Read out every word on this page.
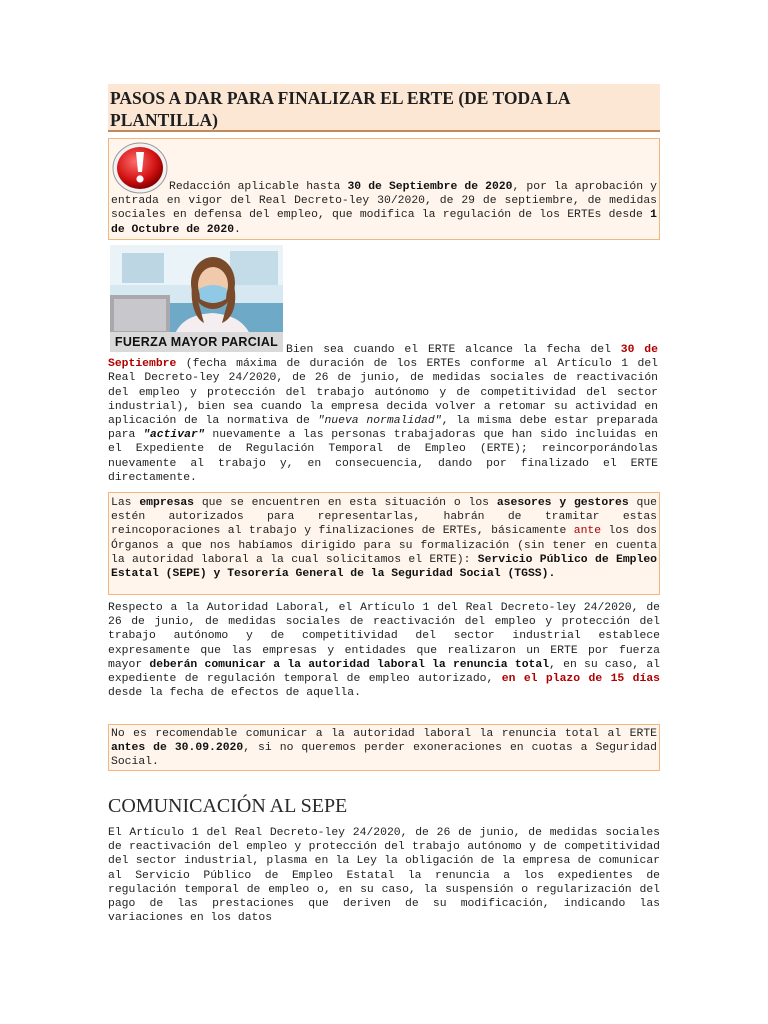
PASOS A DAR PARA FINALIZAR EL ERTE (DE TODA LA PLANTILLA)

Redacción aplicable hasta 30 de Septiembre de 2020, por la aprobación y entrada en vigor del Real Decreto-ley 30/2020, de 29 de septiembre, de medidas sociales en defensa del empleo, que modifica la regulación de los ERTEs desde 1 de Octubre de 2020.

FUERZA MAYOR PARCIAL

Bien sea cuando el ERTE alcance la fecha del 30 de Septiembre (fecha máxima de duración de los ERTEs conforme al Artículo 1 del Real Decreto-ley 24/2020, de 26 de junio, de medidas sociales de reactivación del empleo y protección del trabajo autónomo y de competitividad del sector industrial), bien sea cuando la empresa decida volver a retomar su actividad en aplicación de la normativa de "nueva normalidad", la misma debe estar preparada para "activar" nuevamente a las personas trabajadoras que han sido incluidas en el Expediente de Regulación Temporal de Empleo (ERTE); reincorporándolas nuevamente al trabajo y, en consecuencia, dando por finalizado el ERTE directamente.

Las empresas que se encuentren en esta situación o los asesores y gestores que estén autorizados para representarlas, habrán de tramitar estas reincoporaciones al trabajo y finalizaciones de ERTEs, básicamente ante los dos Órganos a que nos habíamos dirigido para su formalización (sin tener en cuenta la autoridad laboral a la cual solicitamos el ERTE): Servicio Público de Empleo Estatal (SEPE) y Tesorería General de la Seguridad Social (TGSS).

Respecto a la Autoridad Laboral, el Artículo 1 del Real Decreto-ley 24/2020, de 26 de junio, de medidas sociales de reactivación del empleo y protección del trabajo autónomo y de competitividad del sector industrial establece expresamente que las empresas y entidades que realizaron un ERTE por fuerza mayor deberán comunicar a la autoridad laboral la renuncia total, en su caso, al expediente de regulación temporal de empleo autorizado, en el plazo de 15 días desde la fecha de efectos de aquella.

No es recomendable comunicar a la autoridad laboral la renuncia total al ERTE antes de 30.09.2020, si no queremos perder exoneraciones en cuotas a Seguridad Social.

COMUNICACIÓN AL SEPE

El Artículo 1 del Real Decreto-ley 24/2020, de 26 de junio, de medidas sociales de reactivación del empleo y protección del trabajo autónomo y de competitividad del sector industrial, plasma en la Ley la obligación de la empresa de comunicar al Servicio Público de Empleo Estatal la renuncia a los expedientes de regulación temporal de empleo o, en su caso, la suspensión o regularización del pago de las prestaciones que deriven de su modificación, indicando las variaciones en los datos
